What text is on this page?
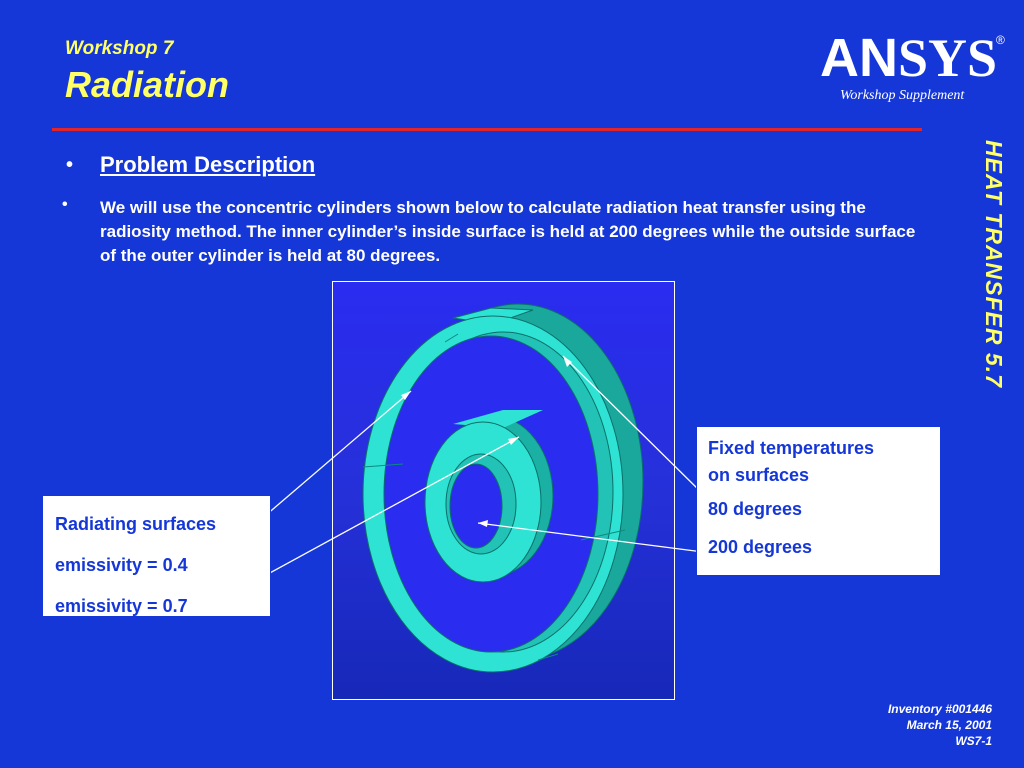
Workshop 7
Radiation	AN SYS
®
Workshop Supplement
HEAT TRANSFER 5.7
• Problem Description
• We will use the concentric cylinders shown below to calculate radiation heat transfer using the radiosity method. The inner cylinder’s inside surface is held at 200 degrees while the outside surface of the outer cylinder is held at 80 degrees.

Radiating surfaces

emissivity = 0.4

emissivity = 0.7

Fixed temperatures

on surfaces

80 degrees

200 degrees

Inventory #001446
March 15, 2001
WS7-1
